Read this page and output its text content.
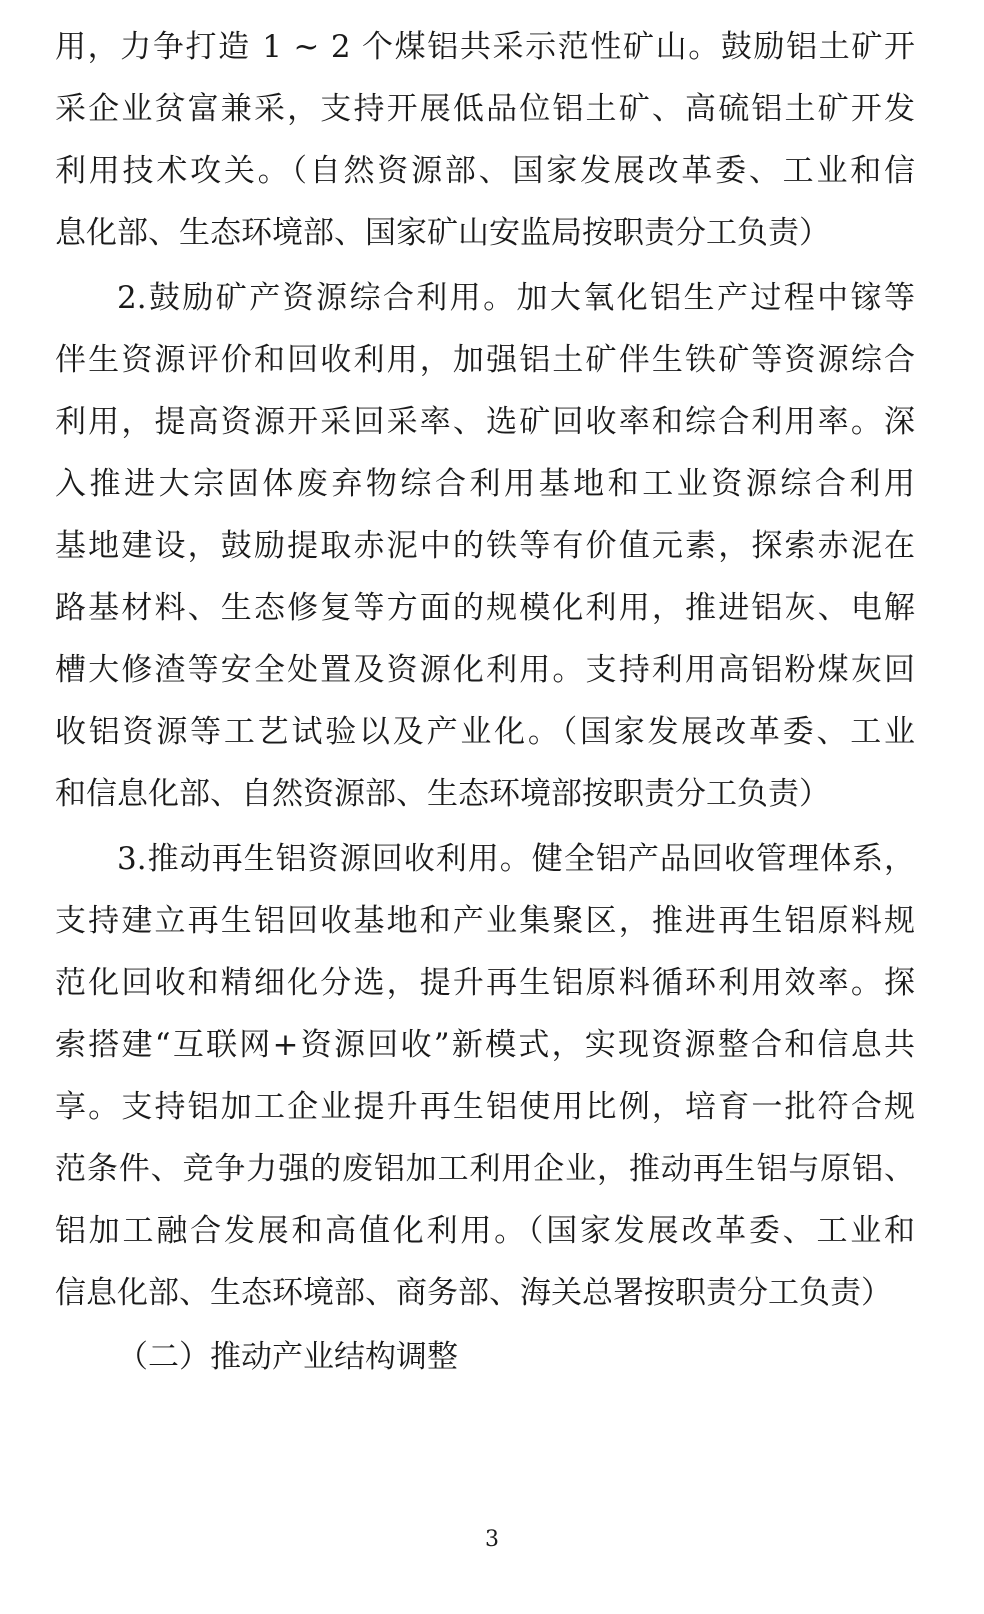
用，力争打造 1 ~ 2 个煤铝共采示范性矿山。鼓励铝土矿开
采企业贫富兼采，支持开展低品位铝土矿、高硫铝土矿开发
利用技术攻关。（自然资源部、国家发展改革委、工业和信
息化部、生态环境部、国家矿山安监局按职责分工负责）
2.鼓励矿产资源综合利用。加大氧化铝生产过程中镓等
伴生资源评价和回收利用，加强铝土矿伴生铁矿等资源综合
利用，提高资源开采回采率、选矿回收率和综合利用率。深
入推进大宗固体废弃物综合利用基地和工业资源综合利用
基地建设，鼓励提取赤泥中的铁等有价值元素，探索赤泥在
路基材料、生态修复等方面的规模化利用，推进铝灰、电解
槽大修渣等安全处置及资源化利用。支持利用高铝粉煤灰回
收铝资源等工艺试验以及产业化。（国家发展改革委、工业
和信息化部、自然资源部、生态环境部按职责分工负责）
3.推动再生铝资源回收利用。健全铝产品回收管理体系，
支持建立再生铝回收基地和产业集聚区，推进再生铝原料规
范化回收和精细化分选，提升再生铝原料循环利用效率。探
索搭建“互联网+资源回收”新模式，实现资源整合和信息共
享。支持铝加工企业提升再生铝使用比例，培育一批符合规
范条件、竞争力强的废铝加工利用企业，推动再生铝与原铝、
铝加工融合发展和高值化利用。（国家发展改革委、工业和
信息化部、生态环境部、商务部、海关总署按职责分工负责）
（二）推动产业结构调整
3
